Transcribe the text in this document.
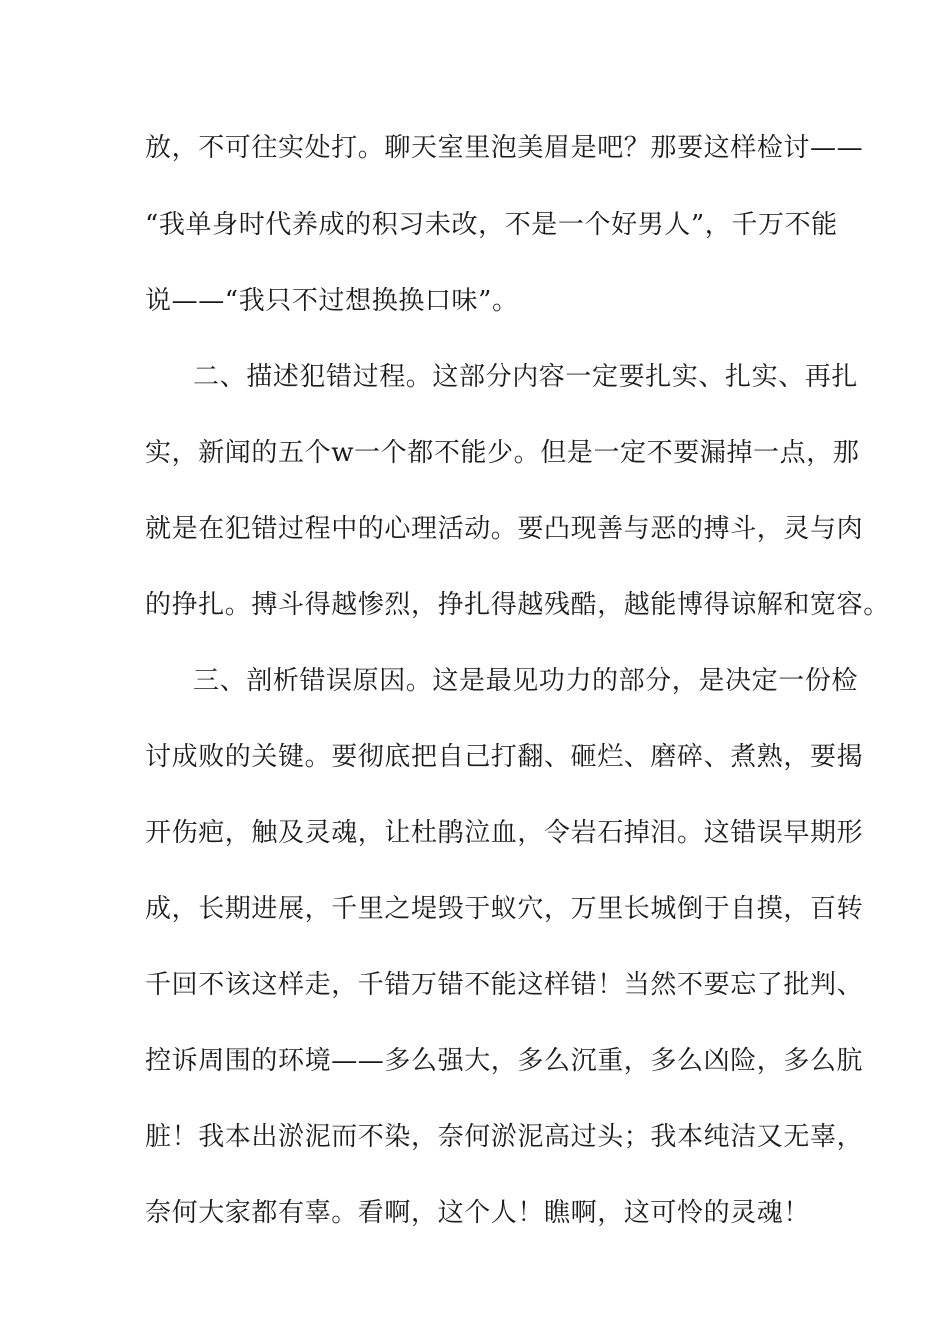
放，不可往实处打。聊天室里泡美眉是吧？那要这样检讨——
“我单身时代养成的积习未改，不是一个好男人”，千万不能
说——“我只不过想换换口味”。
二、描述犯错过程。这部分内容一定要扎实、扎实、再扎
实，新闻的五个w一个都不能少。但是一定不要漏掉一点，那
就是在犯错过程中的心理活动。要凸现善与恶的搏斗，灵与肉
的挣扎。搏斗得越惨烈，挣扎得越残酷，越能博得谅解和宽容。
三、剖析错误原因。这是最见功力的部分，是决定一份检
讨成败的关键。要彻底把自己打翻、砸烂、磨碎、煮熟，要揭
开伤疤，触及灵魂，让杜鹃泣血，令岩石掉泪。这错误早期形
成，长期进展，千里之堤毁于蚁穴，万里长城倒于自摸，百转
千回不该这样走，千错万错不能这样错！当然不要忘了批判、
控诉周围的环境——多么强大，多么沉重，多么凶险，多么肮
脏！我本出淤泥而不染，奈何淤泥高过头；我本纯洁又无辜，
奈何大家都有辜。看啊，这个人！瞧啊，这可怜的灵魂！
